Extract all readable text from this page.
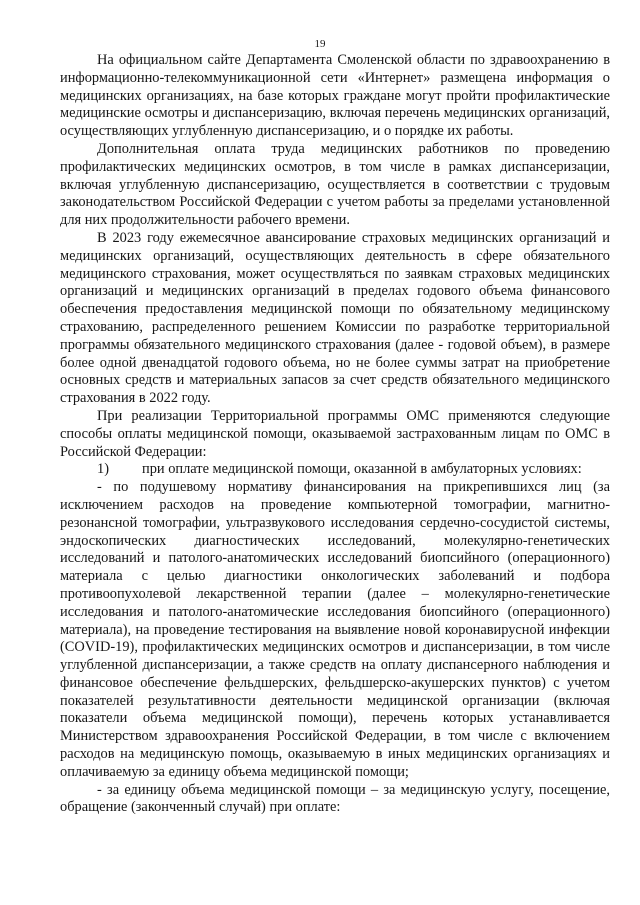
19

На официальном сайте Департамента Смоленской области по здравоохранению в информационно-телекоммуникационной сети «Интернет» размещена информация о медицинских организациях, на базе которых граждане могут пройти профилактические медицинские осмотры и диспансеризацию, включая перечень медицинских организаций, осуществляющих углубленную диспансеризацию, и о порядке их работы.

Дополнительная оплата труда медицинских работников по проведению профилактических медицинских осмотров, в том числе в рамках диспансеризации, включая углубленную диспансеризацию, осуществляется в соответствии с трудовым законодательством Российской Федерации с учетом работы за пределами установленной для них продолжительности рабочего времени.

В 2023 году ежемесячное авансирование страховых медицинских организаций и медицинских организаций, осуществляющих деятельность в сфере обязательного медицинского страхования, может осуществляться по заявкам страховых медицинских организаций и медицинских организаций в пределах годового объема финансового обеспечения предоставления медицинской помощи по обязательному медицинскому страхованию, распределенного решением Комиссии по разработке территориальной программы обязательного медицинского страхования (далее - годовой объем), в размере более одной двенадцатой годового объема, но не более суммы затрат на приобретение основных средств и материальных запасов за счет средств обязательного медицинского страхования в 2022 году.

При реализации Территориальной программы ОМС применяются следующие способы оплаты медицинской помощи, оказываемой застрахованным лицам по ОМС в Российской Федерации:

1) при оплате медицинской помощи, оказанной в амбулаторных условиях:

- по подушевому нормативу финансирования на прикрепившихся лиц (за исключением расходов на проведение компьютерной томографии, магнитно-резонансной томографии, ультразвукового исследования сердечно-сосудистой системы, эндоскопических диагностических исследований, молекулярно-генетических исследований и патолого-анатомических исследований биопсийного (операционного) материала с целью диагностики онкологических заболеваний и подбора противоопухолевой лекарственной терапии (далее – молекулярно-генетические исследования и патолого-анатомические исследования биопсийного (операционного) материала), на проведение тестирования на выявление новой коронавирусной инфекции (COVID-19), профилактических медицинских осмотров и диспансеризации, в том числе углубленной диспансеризации, а также средств на оплату диспансерного наблюдения и финансовое обеспечение фельдшерских, фельдшерско-акушерских пунктов) с учетом показателей результативности деятельности медицинской организации (включая показатели объема медицинской помощи), перечень которых устанавливается Министерством здравоохранения Российской Федерации, в том числе с включением расходов на медицинскую помощь, оказываемую в иных медицинских организациях и оплачиваемую за единицу объема медицинской помощи;

- за единицу объема медицинской помощи – за медицинскую услугу, посещение, обращение (законченный случай) при оплате:
